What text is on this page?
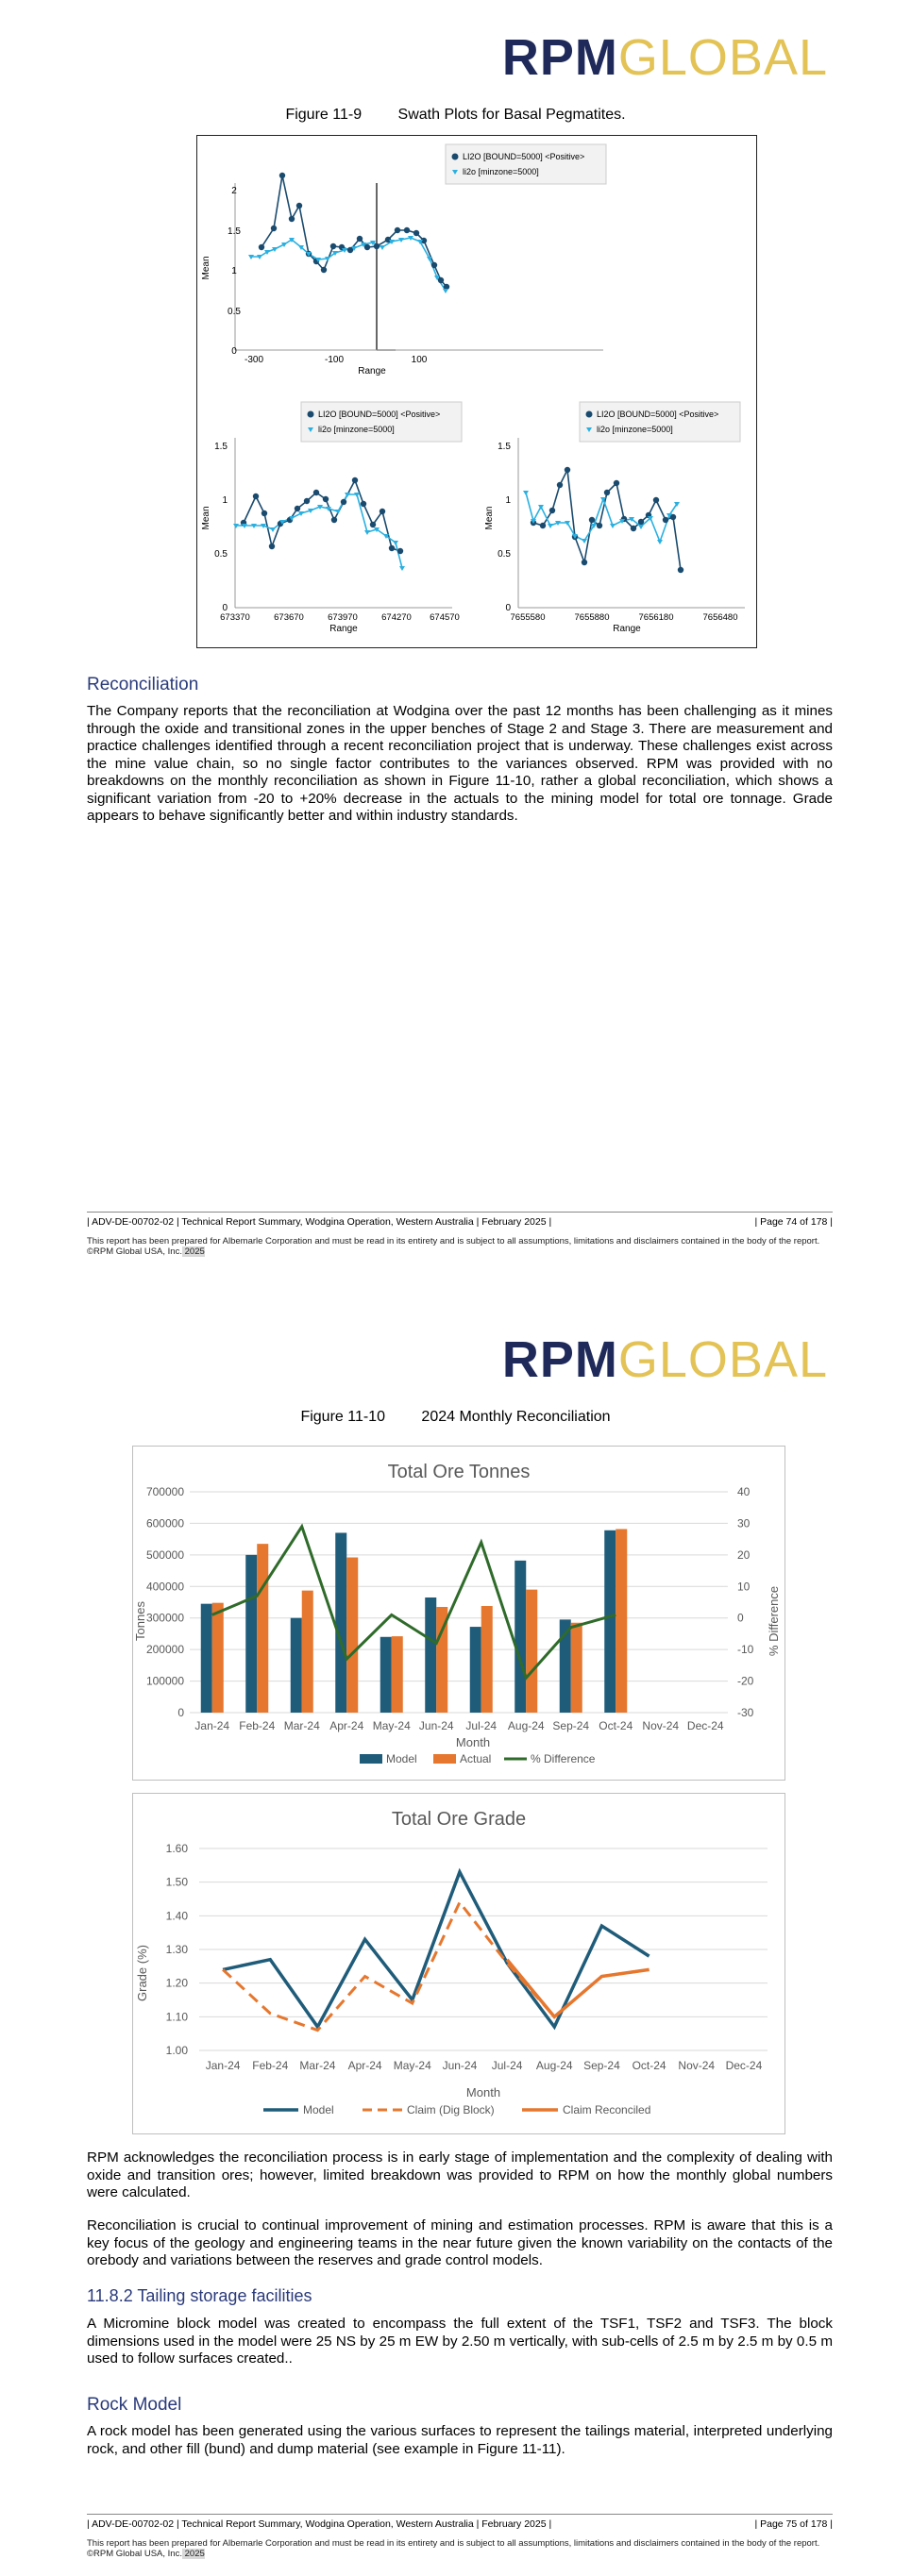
RPMGLOBAL
Figure 11-9 Swath Plots for Basal Pegmatites.
Mean
0
0.5
1
1.5
2
-300	-100	100
Range
LI2O [BOUND=5000] <Positive>
li2o [minzone=5000]
Mean
0
0.5
1
1.5
673370	673670	673970	674270 674570
Range
LI2O [BOUND=5000] <Positive>
li2o [minzone=5000]
Mean
0
0.5
1
1.5
7655580	7655880	7656180	7656480
Range
LI2O [BOUND=5000] <Positive>
li2o [minzone=5000]
Reconciliation
The Company reports that the reconciliation at Wodgina over the past 12 months has been challenging as it mines through the oxide and transitional zones in the upper benches of Stage 2 and Stage 3. There are measurement and practice challenges identified through a recent reconciliation project that is underway. These challenges exist across the mine value chain, so no single factor contributes to the variances observed. RPM was provided with no breakdowns on the monthly reconciliation as shown in Figure 11-10, rather a global reconciliation, which shows a significant variation from -20 to +20% decrease in the actuals to the mining model for total ore tonnage. Grade appears to behave significantly better and within industry standards.
| ADV-DE-00702-02 | Technical Report Summary, Wodgina Operation, Western Australia | February 2025 |	| Page 74 of 178 |
This report has been prepared for Albemarle Corporation and must be read in its entirety and is subject to all assumptions, limitations and disclaimers contained in the body of the report. ©RPM Global USA, Inc. 2025
RPMGLOBAL
Figure 11-10 2024 Monthly Reconciliation
Total Ore Tonnes
0
100000
200000
300000
400000
500000
600000
700000
-30
-20
-10
0
10
20
30
40
Jan-24 Feb-24 Mar-24 Apr-24 May-24 Jun-24 Jul-24 Aug-24 Sep-24 Oct-24 Nov-24 Dec-24
Tonnes	% Difference
Month
Model	Actual	% Difference
Total Ore Grade
1.00
1.10
1.20
1.30
1.40
1.50
1.60
Jan-24 Feb-24 Mar-24 Apr-24 May-24 Jun-24 Jul-24 Aug-24 Sep-24 Oct-24 Nov-24 Dec-24
Grade (%)
Month
Model	Claim (Dig Block)	Claim Reconciled
RPM acknowledges the reconciliation process is in early stage of implementation and the complexity of dealing with oxide and transition ores; however, limited breakdown was provided to RPM on how the monthly global numbers were calculated.
Reconciliation is crucial to continual improvement of mining and estimation processes. RPM is aware that this is a key focus of the geology and engineering teams in the near future given the known variability on the contacts of the orebody and variations between the reserves and grade control models.
11.8.2 Tailing storage facilities
A Micromine block model was created to encompass the full extent of the TSF1, TSF2 and TSF3. The block dimensions used in the model were 25 NS by 25 m EW by 2.50 m vertically, with sub-cells of 2.5 m by 2.5 m by 0.5 m used to follow surfaces created..
Rock Model
A rock model has been generated using the various surfaces to represent the tailings material, interpreted underlying rock, and other fill (bund) and dump material (see example in Figure 11-11).
| ADV-DE-00702-02 | Technical Report Summary, Wodgina Operation, Western Australia | February 2025 |	| Page 75 of 178 |
This report has been prepared for Albemarle Corporation and must be read in its entirety and is subject to all assumptions, limitations and disclaimers contained in the body of the report. ©RPM Global USA, Inc. 2025
